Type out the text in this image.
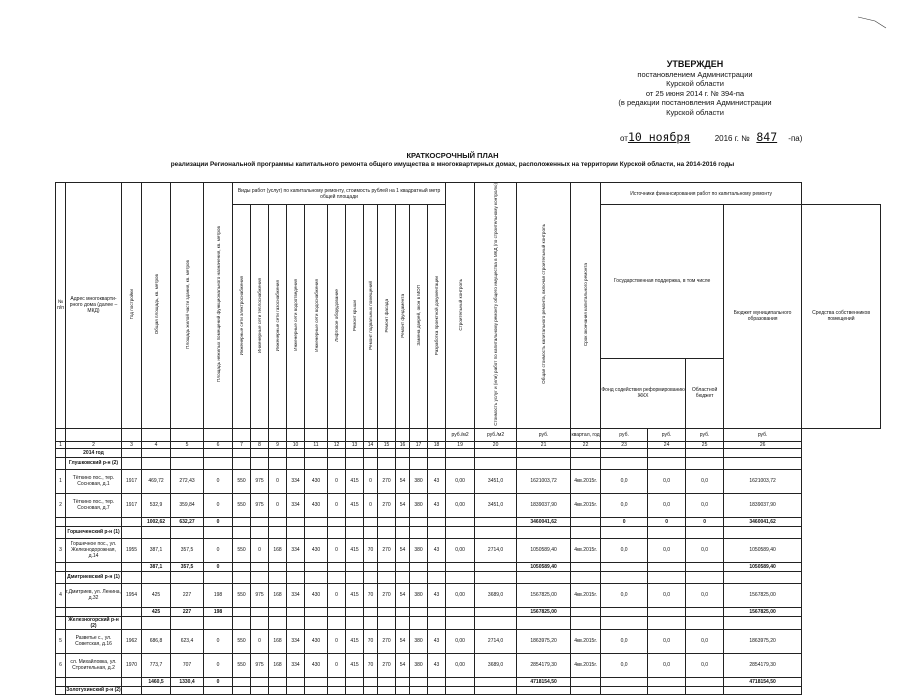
УТВЕРЖДЕН
постановлением Администрации
Курской области
от 25 июня 2014 г. № 394-па
(в редакции постановления Администрации
Курской области
от10 ноября	2016 г. № 847 -па)
КРАТКОСРОЧНЫЙ ПЛАН
реализации Региональной программы капитального ремонта общего имущества в многоквартирных домах, расположенных на территории Курской области, на 2014-2016 годы
№ п/п	Адрес многокварти-рного дома (далее – МКД)	Год постройки	Общая площадь, кв. метров	Площадь жилой части здания, кв. метров	Площадь нежилых помещений функционального назначения, кв. метров	Виды работ (услуг) по капитальному ремонту, стоимость рублей на 1 квадратный метр общей площади												Строительный контроль	Стоимость услуг и (или) работ по капитальному ремонту общего имущества в МКД (по строительному контролю)	Общая стоимость капитального ремонта, включая строительный контроль	Срок окончания капитального ремонта	Источники финансирования работ по капитальному ремонту				
						Инженерные сети электроснабжения	Инженерные сети теплоснабжения	Инженерные сети газоснабжения	Инженерные сети водоотведения	Инженерные сети водоснабжения	Лифтовое оборудование	Ремонт крыши	Ремонт подвальных помещений	Ремонт фасада	Ремонт фундамента	Замена дверей, окон в МОП	Разработка проектной документации					Государственная поддержка, в том числе			Бюджет муниципального образования	Средства собственников помещений
																						Фонд содействия реформированию ЖКХ		Областной бюджет		
																		руб./м2	руб./м2	руб.	квартал, год	руб.	руб.	руб.	руб.	
1	2	3	4	5	6	7	8	9	10	11	12	13	14	15	16	17	18	19	20	21	22	23	24	25	26	
	2014 год																									
	Глушковский р-н (2)																									
1	Тёткино пос., тер. Сосновая, д.1	1917	469,72	272,43	0	550	975	0	334	430	0	415	0	270	54	380	43	0,00	3451,0	1621003,72	4кв.2015г.	0,0	0,0	0,0	1621003,72	
2	Тёткино пос., тер. Сосновая, д.7	1917	532,9	359,84	0	550	975	0	334	430	0	415	0	270	54	380	43	0,00	3451,0	1839037,90	4кв.2015г.	0,0	0,0	0,0	1839037,90	
			1002,62	632,27	0															3460041,62		0	0	0	3460041,62	
	Горшеченский р-н (1)																									
3	Горшечное пос., ул. Железнодорожная, д.14	1955	387,1	357,5	0	550	0	168	334	430	0	415	70	270	54	380	43	0,00	2714,0	1050589,40	4кв.2015г.	0,0	0,0	0,0	1050589,40	
			387,1	357,5	0															1050589,40					1050589,40	
	Дмитриевский р-н (1)																									
4	г.Дмитриев, ул. Ленина, д.32	1954	425	227	198	550	975	168	334	430	0	415	70	270	54	380	43	0,00	3689,0	1567825,00	4кв.2015г.	0,0	0,0	0,0	1567825,00	
			425	227	198															1567825,00					1567825,00	
	Железногорский р-н (2)																									
5	Разветье с., ул. Советская, д.16	1962	686,8	623,4	0	550	0	168	334	430	0	415	70	270	54	380	43	0,00	2714,0	1863975,20	4кв.2015г.	0,0	0,0	0,0	1863975,20	
6	сл. Михайловка, ул. Строительная, д.2	1970	773,7	707	0	550	975	168	334	430	0	415	70	270	54	380	43	0,00	3689,0	2854179,30	4кв.2015г.	0,0	0,0	0,0	2854179,30	
			1460,5	1330,4	0															4718154,50					4718154,50	
	Золотухинский р-н (2)																									
